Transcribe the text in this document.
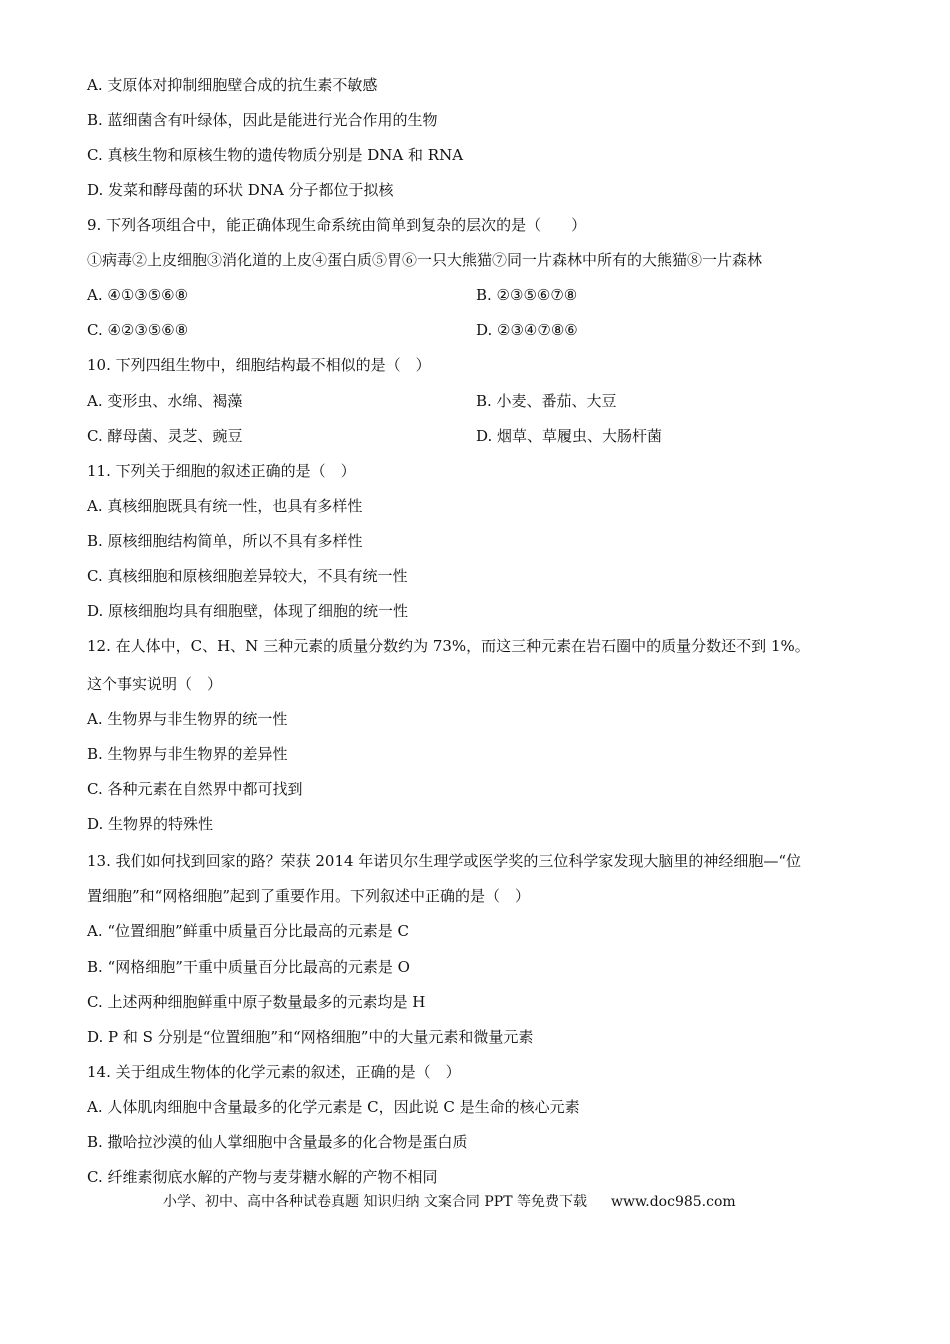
A. 支原体对抑制细胞壁合成的抗生素不敏感
B. 蓝细菌含有叶绿体，因此是能进行光合作用的生物
C. 真核生物和原核生物的遗传物质分别是 DNA 和 RNA
D. 发菜和酵母菌的环状 DNA 分子都位于拟核
9. 下列各项组合中，能正确体现生命系统由简单到复杂的层次的是（　　）
①病毒②上皮细胞③消化道的上皮④蛋白质⑤胃⑥一只大熊猫⑦同一片森林中所有的大熊猫⑧一片森林
A. ④①③⑤⑥⑧	B. ②③⑤⑥⑦⑧
C. ④②③⑤⑥⑧	D. ②③④⑦⑧⑥
10. 下列四组生物中，细胞结构最不相似的是（　）
A. 变形虫、水绵、褐藻	B. 小麦、番茄、大豆
C. 酵母菌、灵芝、豌豆	D. 烟草、草履虫、大肠杆菌
11. 下列关于细胞的叙述正确的是（　）
A. 真核细胞既具有统一性，也具有多样性
B. 原核细胞结构简单，所以不具有多样性
C. 真核细胞和原核细胞差异较大，不具有统一性
D. 原核细胞均具有细胞壁，体现了细胞的统一性
12. 在人体中，C、H、N 三种元素的质量分数约为 73%，而这三种元素在岩石圈中的质量分数还不到 1%。
这个事实说明（　）
A. 生物界与非生物界的统一性
B. 生物界与非生物界的差异性
C. 各种元素在自然界中都可找到
D. 生物界的特殊性
13. 我们如何找到回家的路？荣获 2014 年诺贝尔生理学或医学奖的三位科学家发现大脑里的神经细胞—“位
置细胞”和“网格细胞”起到了重要作用。下列叙述中正确的是（　）
A. “位置细胞”鲜重中质量百分比最高的元素是 C
B. “网格细胞”干重中质量百分比最高的元素是 O
C. 上述两种细胞鲜重中原子数量最多的元素均是 H
D. P 和 S 分别是“位置细胞”和“网格细胞”中的大量元素和微量元素
14. 关于组成生物体的化学元素的叙述，正确的是（　）
A. 人体肌肉细胞中含量最多的化学元素是 C，因此说 C 是生命的核心元素
B. 撒哈拉沙漠的仙人掌细胞中含量最多的化合物是蛋白质
C. 纤维素彻底水解的产物与麦芽糖水解的产物不相同
小学、初中、高中各种试卷真题 知识归纳 文案合同 PPT 等免费下载 www.doc985.com
